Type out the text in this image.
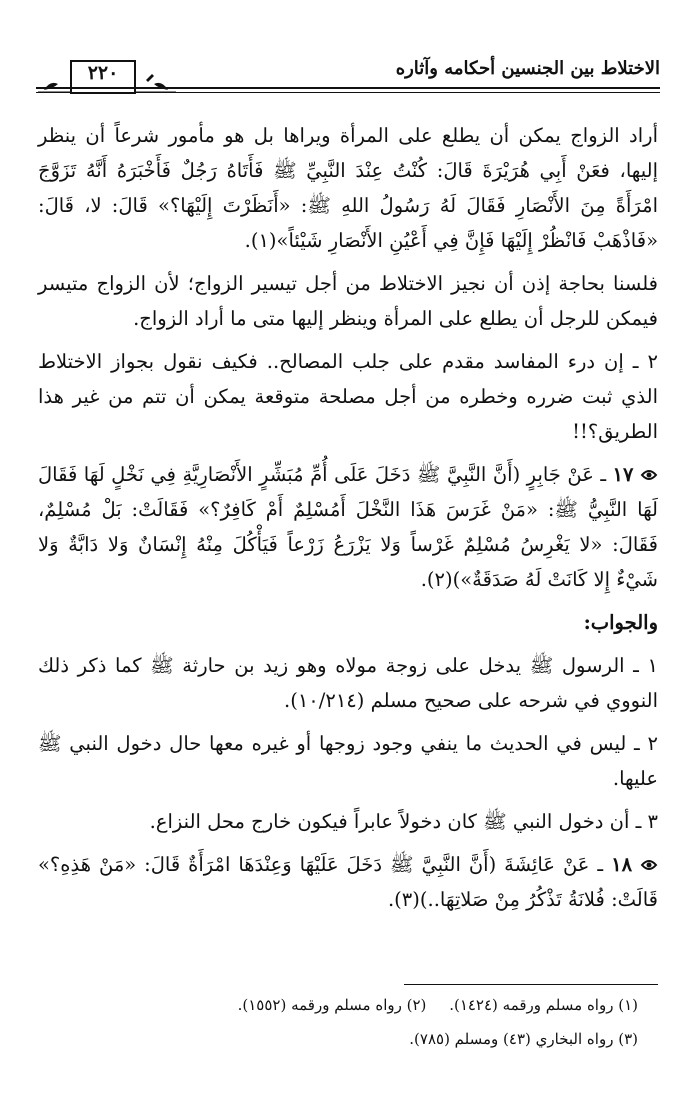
٢٢٠	الاختلاط بين الجنسين أحكامه وآثاره

أراد الزواج يمكن أن يطلع على المرأة ويراها بل هو مأمور شرعاً أن ينظر إليها، فعَنْ أَبِي هُرَيْرَةَ قَالَ: كُنْتُ عِنْدَ النَّبِيِّ ﷺ فَأَتَاهُ رَجُلٌ فَأَخْبَرَهُ أَنَّهُ تَزَوَّجَ امْرَأَةً مِنَ الأَنْصَارِ فَقَالَ لَهُ رَسُولُ اللهِ ﷺ: «أَنَظَرْتَ إِلَيْهَا؟» قَالَ: لا، قَالَ: «فَاذْهَبْ فَانْظُرْ إِلَيْهَا فَإِنَّ فِي أَعْيُنِ الأَنْصَارِ شَيْئاً»(١).

فلسنا بحاجة إذن أن نجيز الاختلاط من أجل تيسير الزواج؛ لأن الزواج متيسر فيمكن للرجل أن يطلع على المرأة وينظر إليها متى ما أراد الزواج.

٢ ـ إن درء المفاسد مقدم على جلب المصالح.. فكيف نقول بجواز الاختلاط الذي ثبت ضرره وخطره من أجل مصلحة متوقعة يمكن أن تتم من غير هذا الطريق؟!!

١٧ ـ عَنْ جَابِرٍ (أَنَّ النَّبِيَّ ﷺ دَخَلَ عَلَى أُمِّ مُبَشِّرٍ الأَنْصَارِيَّةِ فِي نَخْلٍ لَهَا فَقَالَ لَهَا النَّبِيُّ ﷺ: «مَنْ غَرَسَ هَذَا النَّخْلَ أَمُسْلِمٌ أَمْ كَافِرٌ؟» فَقَالَتْ: بَلْ مُسْلِمٌ، فَقَالَ: «لا يَغْرِسُ مُسْلِمٌ غَرْساً وَلا يَزْرَعُ زَرْعاً فَيَأْكُلَ مِنْهُ إِنْسَانٌ وَلا دَابَّةٌ وَلا شَيْءٌ إِلا كَانَتْ لَهُ صَدَقَةٌ»)(٢).

والجواب:

١ ـ الرسول ﷺ يدخل على زوجة مولاه وهو زيد بن حارثة ﷺ كما ذكر ذلك النووي في شرحه على صحيح مسلم (١٠/٢١٤).

٢ ـ ليس في الحديث ما ينفي وجود زوجها أو غيره معها حال دخول النبي ﷺ عليها.

٣ ـ أن دخول النبي ﷺ كان دخولاً عابراً فيكون خارج محل النزاع.

١٨ ـ عَنْ عَائِشَةَ (أَنَّ النَّبِيَّ ﷺ دَخَلَ عَلَيْهَا وَعِنْدَهَا امْرَأَةٌ قَالَ: «مَنْ هَذِهِ؟» قَالَتْ: فُلانَةُ تَذْكُرُ مِنْ صَلاتِهَا..)(٣).

(١) رواه مسلم ورقمه (١٤٢٤). (٢) رواه مسلم ورقمه (١٥٥٢).
(٣) رواه البخاري (٤٣) ومسلم (٧٨٥).
